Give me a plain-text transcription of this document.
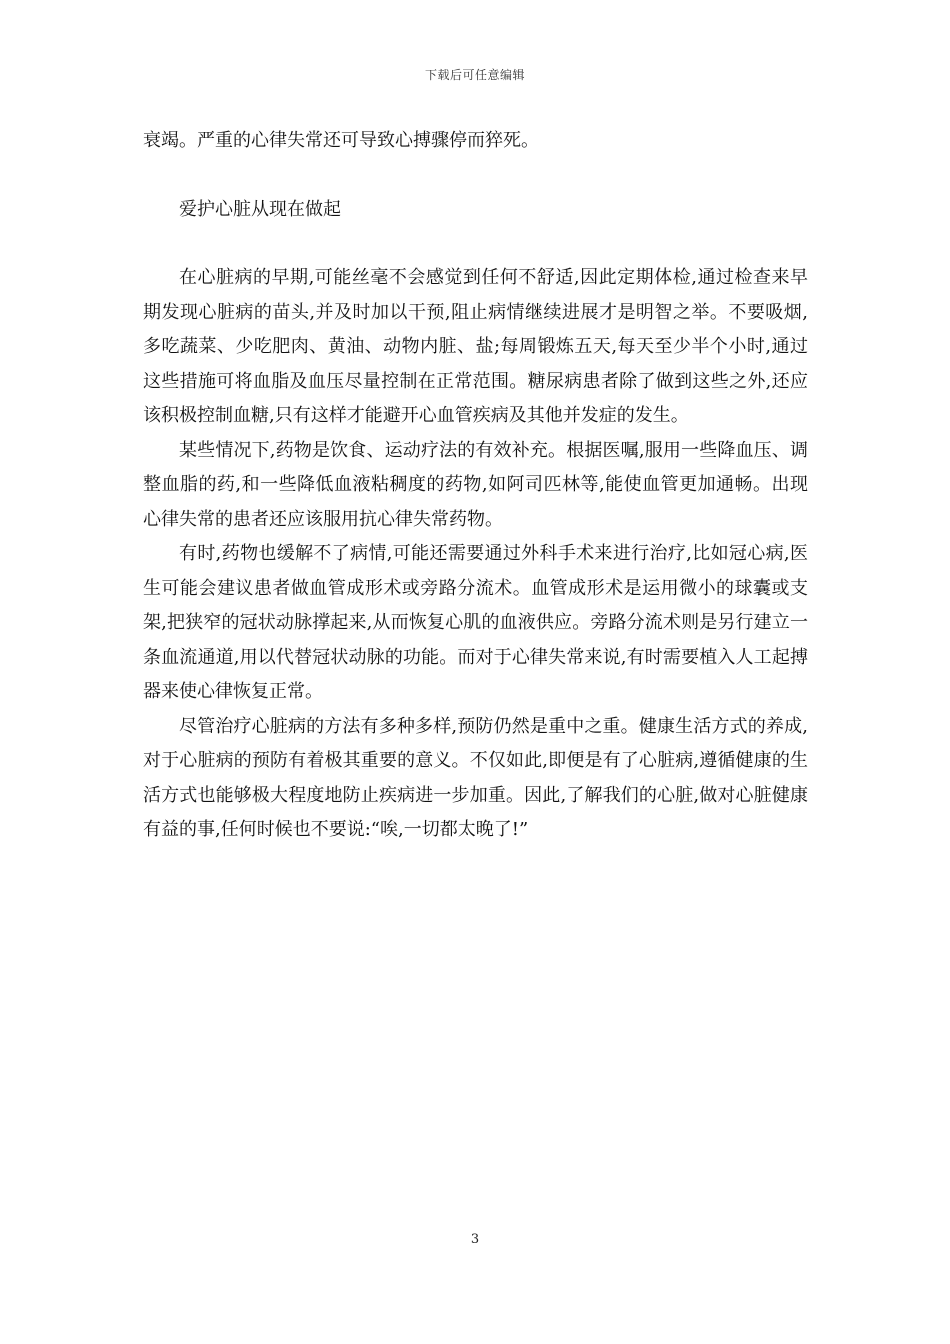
下载后可任意编辑

衰竭。严重的心律失常还可导致心搏骤停而猝死。

爱护心脏从现在做起

在心脏病的早期,可能丝毫不会感觉到任何不舒适,因此定期体检,通过检查来早期发现心脏病的苗头,并及时加以干预,阻止病情继续进展才是明智之举。不要吸烟,多吃蔬菜、少吃肥肉、黄油、动物内脏、盐;每周锻炼五天,每天至少半个小时,通过这些措施可将血脂及血压尽量控制在正常范围。糖尿病患者除了做到这些之外,还应该积极控制血糖,只有这样才能避开心血管疾病及其他并发症的发生。

某些情况下,药物是饮食、运动疗法的有效补充。根据医嘱,服用一些降血压、调整血脂的药,和一些降低血液粘稠度的药物,如阿司匹林等,能使血管更加通畅。出现心律失常的患者还应该服用抗心律失常药物。

有时,药物也缓解不了病情,可能还需要通过外科手术来进行治疗,比如冠心病,医生可能会建议患者做血管成形术或旁路分流术。血管成形术是运用微小的球囊或支架,把狭窄的冠状动脉撑起来,从而恢复心肌的血液供应。旁路分流术则是另行建立一条血流通道,用以代替冠状动脉的功能。而对于心律失常来说,有时需要植入人工起搏器来使心律恢复正常。

尽管治疗心脏病的方法有多种多样,预防仍然是重中之重。健康生活方式的养成,对于心脏病的预防有着极其重要的意义。不仅如此,即便是有了心脏病,遵循健康的生活方式也能够极大程度地防止疾病进一步加重。因此,了解我们的心脏,做对心脏健康有益的事,任何时候也不要说:“唉,一切都太晚了!”

3
